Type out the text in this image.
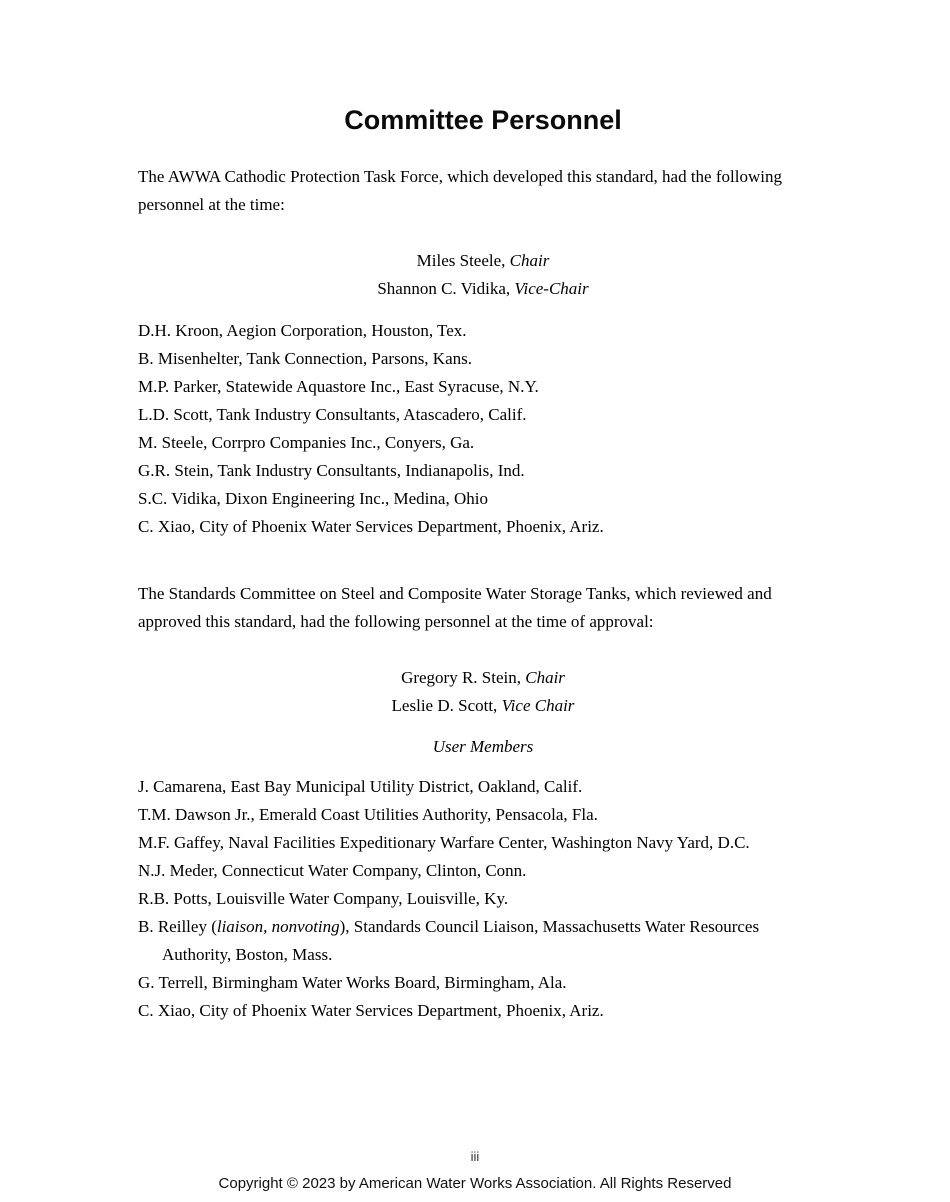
Committee Personnel

The AWWA Cathodic Protection Task Force, which developed this standard, had the following personnel at the time:

Miles Steele, Chair
Shannon C. Vidika, Vice-Chair
D.H. Kroon, Aegion Corporation, Houston, Tex.
B. Misenhelter, Tank Connection, Parsons, Kans.
M.P. Parker, Statewide Aquastore Inc., East Syracuse, N.Y.
L.D. Scott, Tank Industry Consultants, Atascadero, Calif.
M. Steele, Corrpro Companies Inc., Conyers, Ga.
G.R. Stein, Tank Industry Consultants, Indianapolis, Ind.
S.C. Vidika, Dixon Engineering Inc., Medina, Ohio
C. Xiao, City of Phoenix Water Services Department, Phoenix, Ariz.

The Standards Committee on Steel and Composite Water Storage Tanks, which reviewed and approved this standard, had the following personnel at the time of approval:

Gregory R. Stein, Chair
Leslie D. Scott, Vice Chair
User Members
J. Camarena, East Bay Municipal Utility District, Oakland, Calif.
T.M. Dawson Jr., Emerald Coast Utilities Authority, Pensacola, Fla.
M.F. Gaffey, Naval Facilities Expeditionary Warfare Center, Washington Navy Yard, D.C.
N.J. Meder, Connecticut Water Company, Clinton, Conn.
R.B. Potts, Louisville Water Company, Louisville, Ky.
B. Reilley (liaison, nonvoting), Standards Council Liaison, Massachusetts Water Resources Authority, Boston, Mass.
G. Terrell, Birmingham Water Works Board, Birmingham, Ala.
C. Xiao, City of Phoenix Water Services Department, Phoenix, Ariz.
iii
Copyright © 2023 by American Water Works Association. All Rights Reserved
